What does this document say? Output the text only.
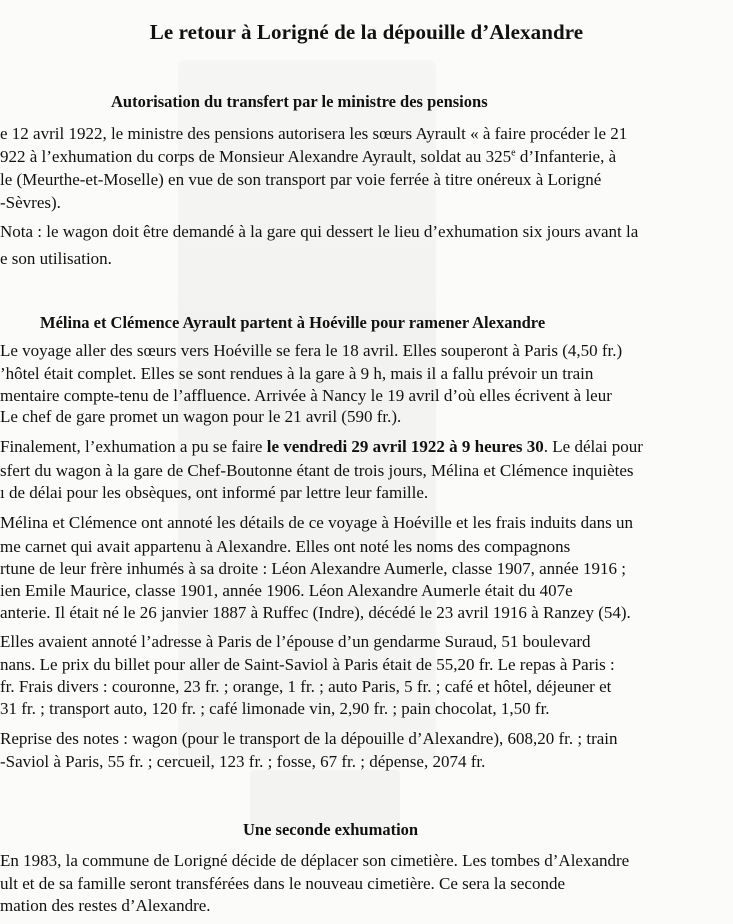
Le retour à Lorigné de la dépouille d’Alexandre
Autorisation du transfert par le ministre des pensions
e 12 avril 1922, le ministre des pensions autorisera les sœurs Ayrault « à faire procéder le 21
922 à l’exhumation du corps de Monsieur Alexandre Ayrault, soldat au 325e d’Infanterie, à
le (Meurthe-et-Moselle) en vue de son transport par voie ferrée à titre onéreux à Lorigné
-Sèvres).
Nota : le wagon doit être demandé à la gare qui dessert le lieu d’exhumation six jours avant la
e son utilisation.
Mélina et Clémence Ayrault partent à Hoéville pour ramener Alexandre
Le voyage aller des sœurs vers Hoéville se fera le 18 avril. Elles souperont à Paris (4,50 fr.)
’hôtel était complet. Elles se sont rendues à la gare à 9 h, mais il a fallu prévoir un train
mentaire compte-tenu de l’affluence. Arrivée à Nancy le 19 avril d’où elles écrivent à leur
Le chef de gare promet un wagon pour le 21 avril (590 fr.).
Finalement, l’exhumation a pu se faire le vendredi 29 avril 1922 à 9 heures 30. Le délai pour
sfert du wagon à la gare de Chef-Boutonne étant de trois jours, Mélina et Clémence inquiètes
ı de délai pour les obsèques, ont informé par lettre leur famille.
Mélina et Clémence ont annoté les détails de ce voyage à Hoéville et les frais induits dans un
me carnet qui avait appartenu à Alexandre. Elles ont noté les noms des compagnons
rtune de leur frère inhumés à sa droite : Léon Alexandre Aumerle, classe 1907, année 1916 ;
ien Emile Maurice, classe 1901, année 1906. Léon Alexandre Aumerle était du 407e
anterie. Il était né le 26 janvier 1887 à Ruffec (Indre), décédé le 23 avril 1916 à Ranzey (54).
Elles avaient annoté l’adresse à Paris de l’épouse d’un gendarme Suraud, 51 boulevard
nans. Le prix du billet pour aller de Saint-Saviol à Paris était de 55,20 fr. Le repas à Paris :
fr. Frais divers : couronne, 23 fr. ; orange, 1 fr. ; auto Paris, 5 fr. ; café et hôtel, déjeuner et
31 fr. ; transport auto, 120 fr. ; café limonade vin, 2,90 fr. ; pain chocolat, 1,50 fr.
Reprise des notes : wagon (pour le transport de la dépouille d’Alexandre), 608,20 fr. ; train
-Saviol à Paris, 55 fr. ; cercueil, 123 fr. ; fosse, 67 fr. ; dépense, 2074 fr.
Une seconde exhumation
En 1983, la commune de Lorigné décide de déplacer son cimetière. Les tombes d’Alexandre
ult et de sa famille seront transférées dans le nouveau cimetière. Ce sera la seconde
mation des restes d’Alexandre.
